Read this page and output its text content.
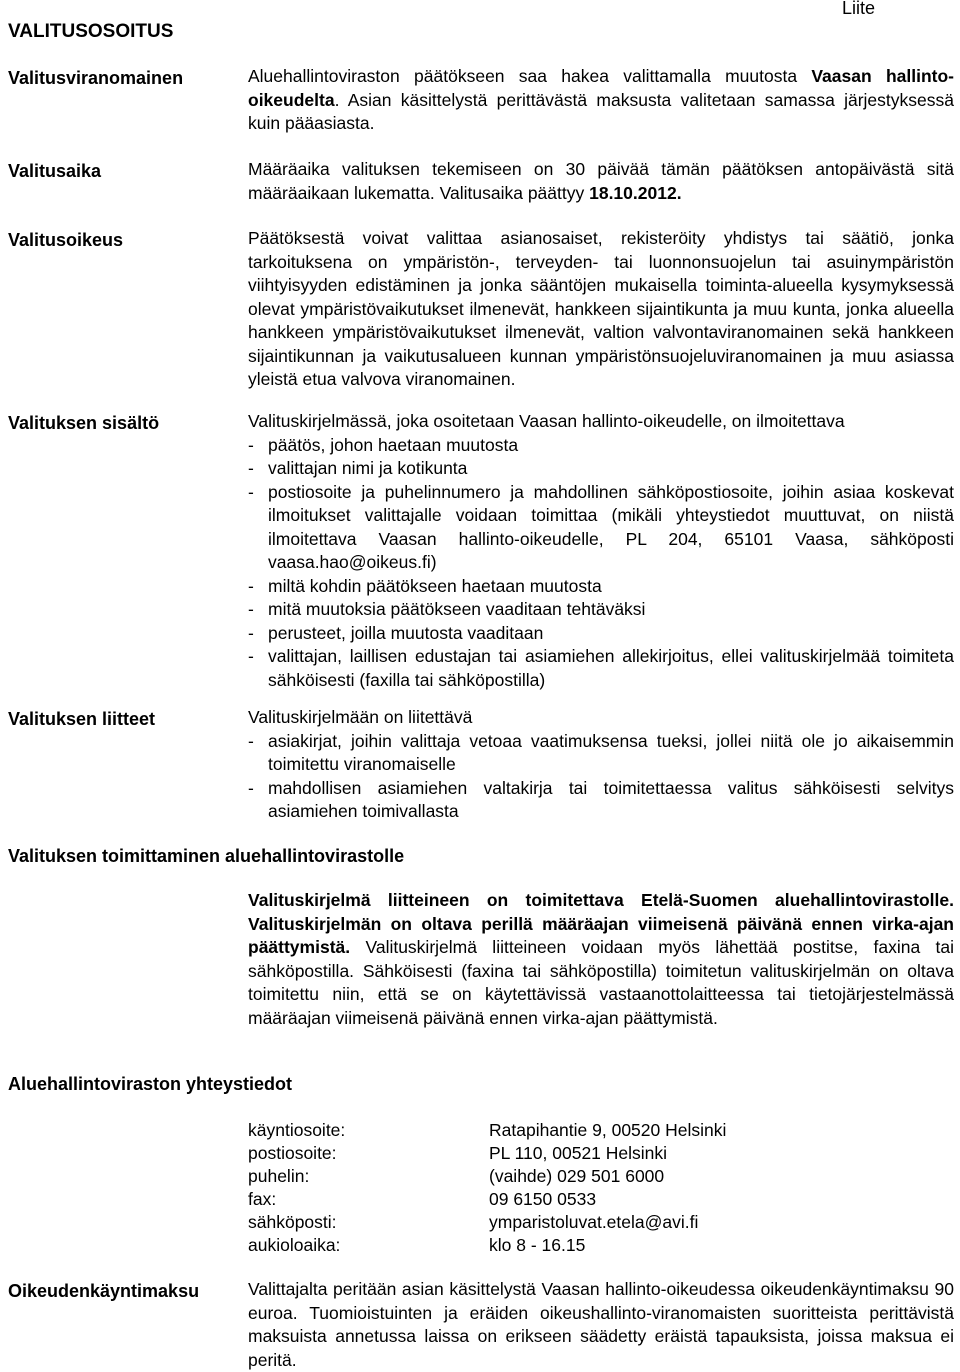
VALITUSOSOITUS
Liite
Valitusviranomainen	Aluehallintoviraston päätökseen saa hakea valittamalla muutosta Vaasan hallinto-oikeudelta. Asian käsittelystä perittävästä maksusta valitetaan samassa järjestyksessä kuin pääasiasta.
Valitusaika	Määräaika valituksen tekemiseen on 30 päivää tämän päätöksen antopäivästä sitä määräaikaan lukematta. Valitusaika päättyy 18.10.2012.
Valitusoikeus	Päätöksestä voivat valittaa asianosaiset, rekisteröity yhdistys tai säätiö, jonka tarkoituksena on ympäristön-, terveyden- tai luonnonsuojelun tai asuinympäristön viihtyisyyden edistäminen ja jonka sääntöjen mukaisella toiminta-alueella kysymyksessä olevat ympäristövaikutukset ilmenevät, hankkeen sijaintikunta ja muu kunta, jonka alueella hankkeen ympäristövaikutukset ilmenevät, valtion valvontaviranomainen sekä hankkeen sijaintikunnan ja vaikutusalueen kunnan ympäristönsuojeluviranomainen ja muu asiassa yleistä etua valvova viranomainen.
Valituksen sisältö	Valituskirjelmässä, joka osoitetaan Vaasan hallinto-oikeudelle, on ilmoitettava
- päätös, johon haetaan muutosta
- valittajan nimi ja kotikunta
- postiosoite ja puhelinnumero ja mahdollinen sähköpostiosoite, joihin asiaa koskevat ilmoitukset valittajalle voidaan toimittaa (mikäli yhteystiedot muuttuvat, on niistä ilmoitettava Vaasan hallinto-oikeudelle, PL 204, 65101 Vaasa, sähköposti vaasa.hao@oikeus.fi)
- miltä kohdin päätökseen haetaan muutosta
- mitä muutoksia päätökseen vaaditaan tehtäväksi
- perusteet, joilla muutosta vaaditaan
- valittajan, laillisen edustajan tai asiamiehen allekirjoitus, ellei valituskirjelmää toimiteta sähköisesti (faxilla tai sähköpostilla)
Valituksen liitteet	Valituskirjelmään on liitettävä
- asiakirjat, joihin valittaja vetoaa vaatimuksensa tueksi, jollei niitä ole jo aikaisemmin toimitettu viranomaiselle
- mahdollisen asiamiehen valtakirja tai toimitettaessa valitus sähköisesti selvitys asiamiehen toimivallasta
Valituksen toimittaminen aluehallintovirastolle
Valituskirjelmä liitteineen on toimitettava Etelä-Suomen aluehallintovirastolle. Valituskirjelmän on oltava perillä määräajan viimeisenä päivänä ennen virka-ajan päättymistä. Valituskirjelmä liitteineen voidaan myös lähettää postitse, faxina tai sähköpostilla. Sähköisesti (faxina tai sähköpostilla) toimitetun valituskirjelmän on oltava toimitettu niin, että se on käytettävissä vastaanottolaitteessa tai tietojärjestelmässä määräajan viimeisenä päivänä ennen virka-ajan päättymistä.
Aluehallintoviraston yhteystiedot
käyntiosoite:	Ratapihantie 9, 00520 Helsinki
postiosoite:	PL 110, 00521 Helsinki
puhelin:	(vaihde) 029 501 6000
fax:	09 6150 0533
sähköposti:	ymparistoluvat.etela@avi.fi
aukioloaika:	klo 8 - 16.15
Oikeudenkäyntimaksu	Valittajalta peritään asian käsittelystä Vaasan hallinto-oikeudessa oikeudenkäyntimaksu 90 euroa. Tuomioistuinten ja eräiden oikeushallinto-viranomaisten suoritteista perittävistä maksuista annetussa laissa on erikseen säädetty eräistä tapauksista, joissa maksua ei peritä.
